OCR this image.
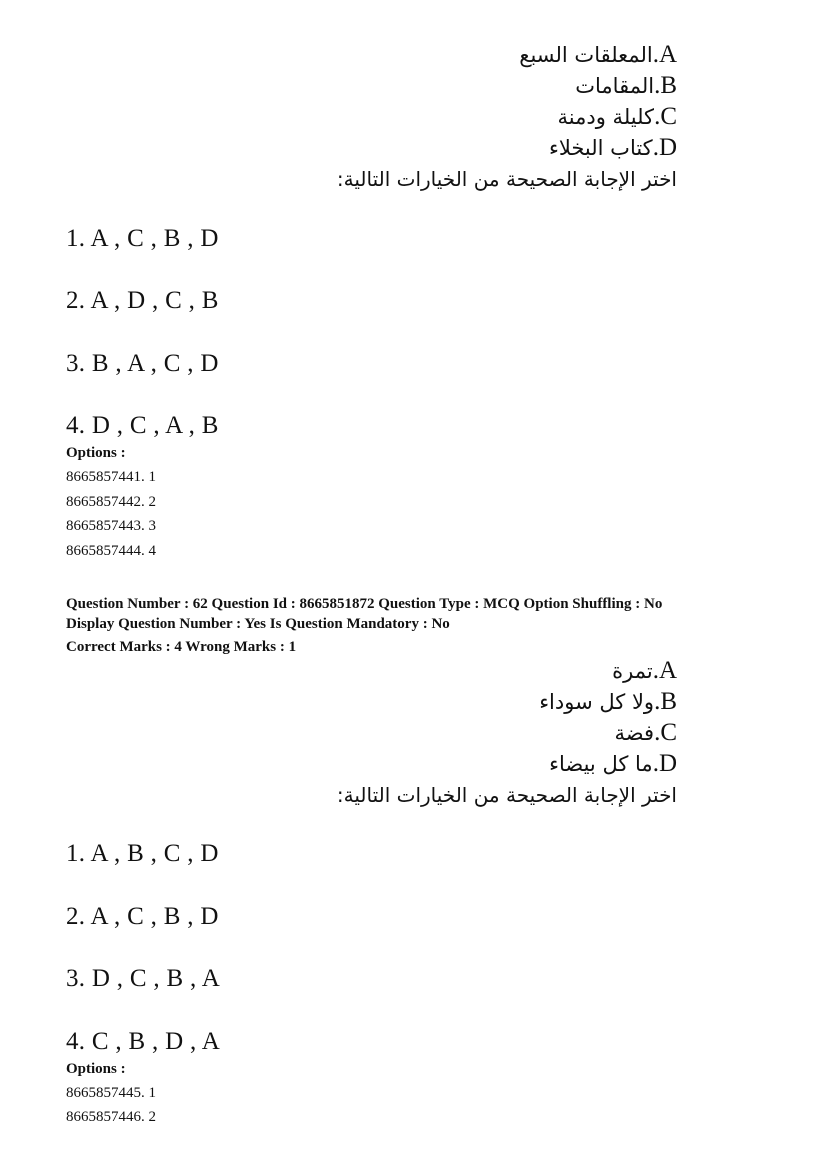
المعلقات السبع.A
المقامات.B
كليلة ودمنة.C
كتاب البخلاء.D
اختر الإجابة الصحيحة من الخيارات التالية:
1. A , C , B , D
2. A , D , C , B
3. B , A , C , D
4. D , C , A , B
Options :
8665857441. 1
8665857442. 2
8665857443. 3
8665857444. 4
Question Number : 62 Question Id : 8665851872 Question Type : MCQ Option Shuffling : No
Display Question Number : Yes Is Question Mandatory : No
Correct Marks : 4 Wrong Marks : 1
تمرة.A
ولا كل سوداء.B
فضة.C
ما كل بيضاء.D
اختر الإجابة الصحيحة من الخيارات التالية:
1. A , B , C , D
2. A , C , B , D
3. D , C , B , A
4. C , B , D , A
Options :
8665857445. 1
8665857446. 2
